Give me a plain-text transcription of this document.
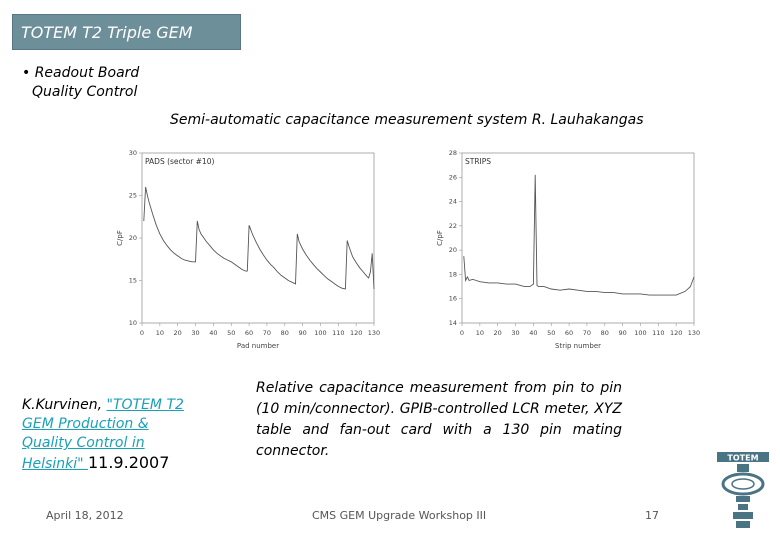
TOTEM T2 Triple GEM
• Readout Board
Quality Control
Semi-automatic capacitance measurement system R. Lauhakangas
0 10 20 30 40 50 60 70 80 90 100 110 120 130
10
15
20
25
30
PADS (sector #10)
Pad number
C/pF
0 10 20 30 40 50 60 70 80 90 100 110 120 130
14
16
18
20
22
24
26
28
STRIPS
Strip number
C/pF
K.Kurvinen, "TOTEM T2 GEM Production & Quality Control in Helsinki" 11.9.2007
Relative capacitance measurement from pin to pin (10 min/connector). GPIB-controlled LCR meter, XYZ table and fan-out card with a 130 pin mating connector.
April 18, 2012	CMS GEM Upgrade Workshop III	17
TOTEM
